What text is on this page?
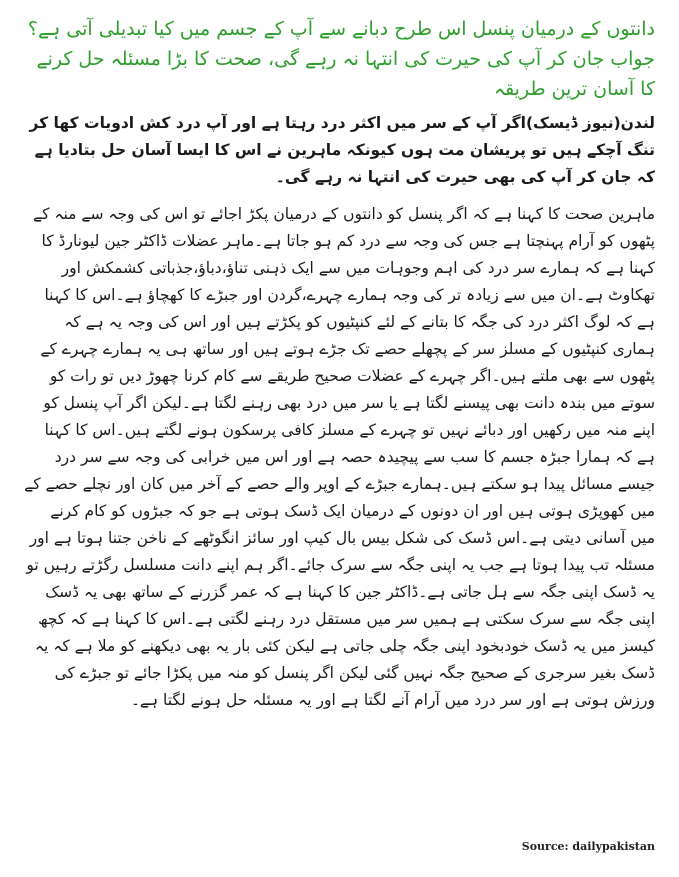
دانتوں کے درمیان پنسل اس طرح دبانے سے آپ کے جسم میں کیا تبدیلی آتی ہے؟جواب جان کر آپ کی حیرت کی انتہا نہ رہے گی، صحت کا بڑا مسئلہ حل کرنے کا آسان ترین طریقہ

لندن(نیوز ڈیسک)اگر آپ کے سر میں اکثر درد رہتا ہے اور آپ درد کش ادویات کھا کر تنگ آچکے ہیں تو پریشان مت ہوں کیونکہ ماہرین نے اس کا ایسا آسان حل بتادیا ہے کہ جان کر آپ کی بھی حیرت کی انتہا نہ رہے گی۔

ماہرین صحت کا کہنا ہے کہ اگر پنسل کو دانتوں کے درمیان پکڑ اجائے تو اس کی وجہ سے منہ کے پٹھوں کو آرام پہنچتا ہے جس کی وجہ سے درد کم ہو جاتا ہے۔ماہر عضلات ڈاکٹر جین لیونارڈ کا کہنا ہے کہ ہمارے سر درد کی اہم وجوہات میں سے ایک ذہنی تناﺅ،دباﺅ،جذباتی کشمکش اور تھکاوٹ ہے۔ان میں سے زیادہ تر کی وجہ ہمارے چہرے،گردن اور جبڑے کا کھچاﺅ ہے۔اس کا کہنا ہے کہ لوگ اکثر درد کی جگہ کا بتانے کے لئے کنپٹیوں کو پکڑتے ہیں اور اس کی وجہ یہ ہے کہ ہماری کنپٹیوں کے مسلز سر کے پچھلے حصے تک جڑے ہوتے ہیں اور ساتھ ہی یہ ہمارے چہرے کے پٹھوں سے بھی ملتے ہیں۔اگر چہرے کے عضلات صحیح طریقے سے کام کرنا چھوڑ دیں تو رات کو سوتے میں بندہ دانت بھی پیسنے لگتا ہے یا سر میں درد بھی رہنے لگتا ہے۔لیکن اگر آپ پنسل کو اپنے منہ میں رکھیں اور دبائے نہیں تو چہرے کے مسلز کافی پرسکون ہونے لگتے ہیں۔اس کا کہنا ہے کہ ہمارا جبڑہ جسم کا سب سے پیچیدہ حصہ ہے اور اس میں خرابی کی وجہ سے سر درد جیسے مسائل پیدا ہو سکتے ہیں۔ہمارے جبڑے کے اوپر والے حصے کے آخر میں کان اور نچلے حصے کے میں کھوپڑی ہوتی ہیں اور ان دونوں کے درمیان ایک ڈسک ہوتی ہے جو کہ جبڑوں کو کام کرنے میں آسانی دیتی ہے۔اس ڈسک کی شکل بیس بال کیپ اور سائز انگوٹھے کے ناخن جتنا ہوتا ہے اور مسئلہ تب پیدا ہوتا ہے جب یہ اپنی جگہ سے سرک جائے۔اگر ہم اپنے دانت مسلسل رگڑتے رہیں تو یہ ڈسک اپنی جگہ سے ہل جاتی ہے۔ڈاکٹر جین کا کہنا ہے کہ عمر گزرنے کے ساتھ بھی یہ ڈسک اپنی جگہ سے سرک سکتی ہے ہمیں سر میں مستقل درد رہنے لگتی ہے۔اس کا کہنا ہے کہ کچھ کیسز میں یہ ڈسک خودبخود اپنی جگہ چلی جاتی ہے لیکن کئی بار یہ بھی دیکھنے کو ملا ہے کہ یہ ڈسک بغیر سرجری کے صحیح جگہ نہیں گئی لیکن اگر پنسل کو منہ میں پکڑا جائے تو جبڑے کی ورزش ہوتی ہے اور سر درد میں آرام آنے لگتا ہے اور یہ مسئلہ حل ہونے لگتا ہے۔

Source: dailypakistan
